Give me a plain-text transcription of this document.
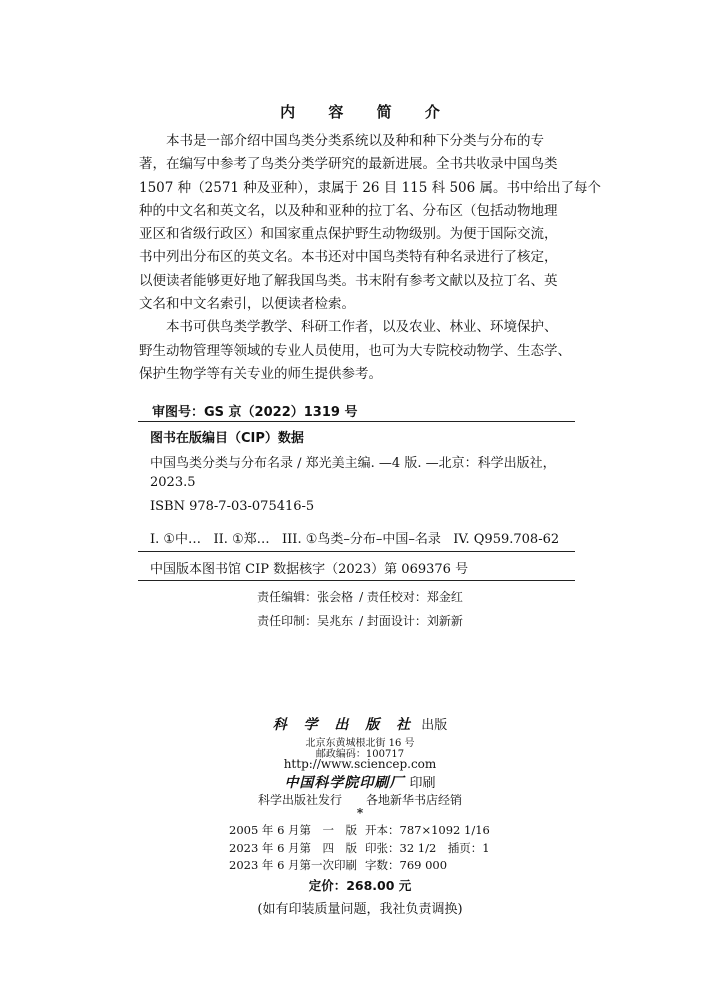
内 容 简 介

本书是一部介绍中国鸟类分类系统以及种和种下分类与分布的专
著，在编写中参考了鸟类分类学研究的最新进展。全书共收录中国鸟类
1507 种（2571 种及亚种），隶属于 26 目 115 科 506 属。书中给出了每个
种的中文名和英文名，以及种和亚种的拉丁名、分布区（包括动物地理
亚区和省级行政区）和国家重点保护野生动物级别。为便于国际交流，
书中列出分布区的英文名。本书还对中国鸟类特有种名录进行了核定，
以便读者能够更好地了解我国鸟类。书末附有参考文献以及拉丁名、英
文名和中文名索引，以便读者检索。

本书可供鸟类学教学、科研工作者，以及农业、林业、环境保护、
野生动物管理等领域的专业人员使用，也可为大专院校动物学、生态学、
保护生物学等有关专业的师生提供参考。

审图号：GS 京（2022）1319 号
图书在版编目（CIP）数据
中国鸟类分类与分布名录 / 郑光美主编. —4 版. —北京：科学出版社，
2023.5
ISBN 978-7-03-075416-5
I. ①中…   II. ①郑…   III. ①鸟类–分布–中国–名录   IV. Q959.708-62
中国版本图书馆 CIP 数据核字（2023）第 069376 号
责任编辑：张会格 / 责任校对：郑金红
责任印制：吴兆东 / 封面设计：刘新新
科 学 出 版 社 出版
北京东黄城根北街 16 号
邮政编码：100717
http://www.sciencep.com
中国科学院印刷厂 印刷
科学出版社发行　　各地新华书店经销
*
2005 年 6 月第　一　版 开本：787×1092 1/16
2023 年 6 月第　四　版 印张：32 1/2　插页：1
2023 年 6 月第一次印刷 字数：769 000
定价：268.00 元
(如有印装质量问题，我社负责调换)
